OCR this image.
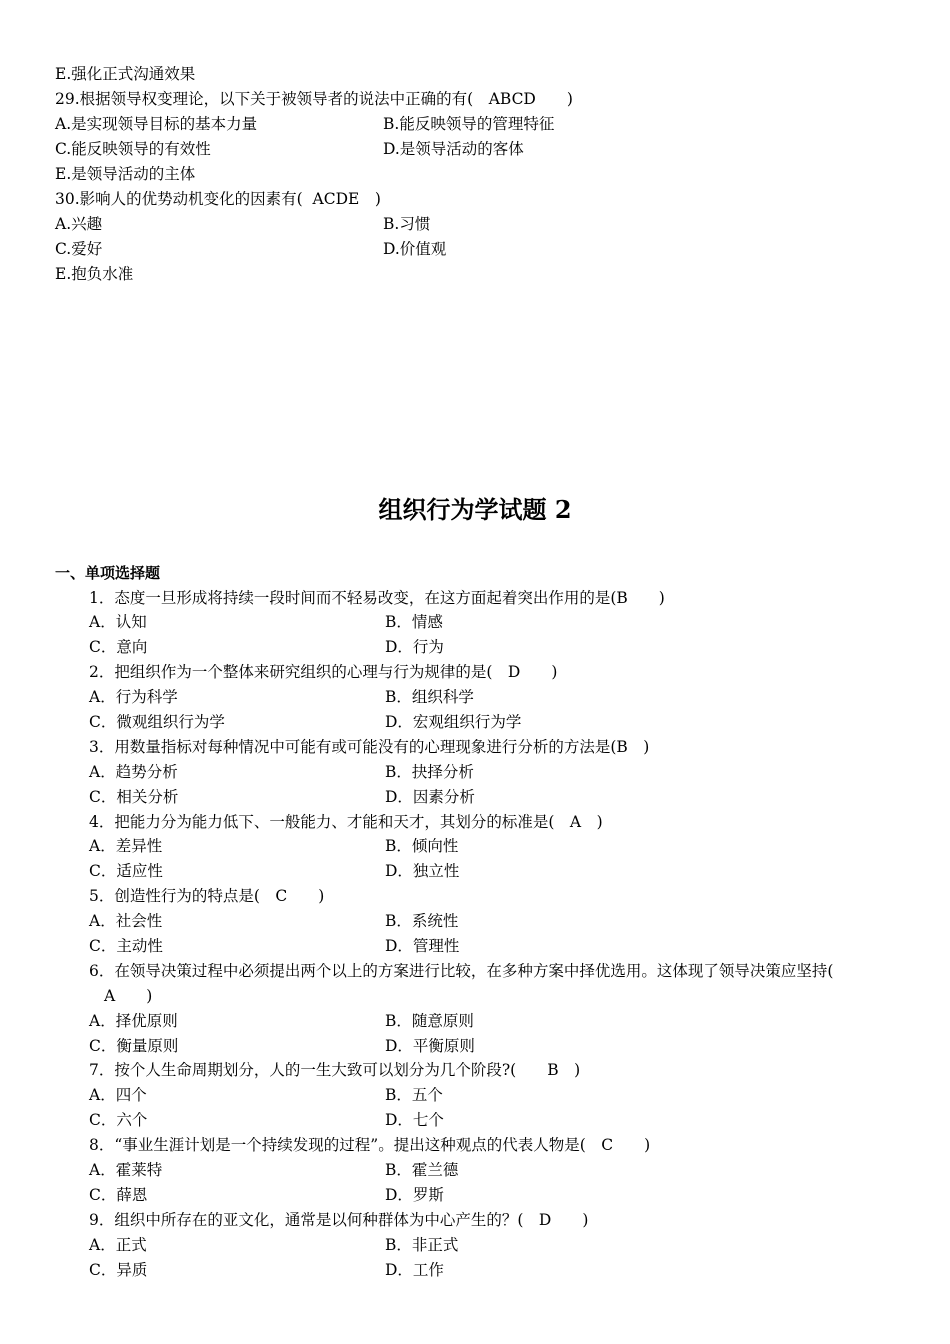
E.强化正式沟通效果
29.根据领导权变理论，以下关于被领导者的说法中正确的有(　ABCD　　)
A.是实现领导目标的基本力量	B.能反映领导的管理特征
C.能反映领导的有效性	D.是领导活动的客体
E.是领导活动的主体
30.影响人的优势动机变化的因素有(  ACDE　)
A.兴趣	B.习惯
C.爱好	D.价值观
E.抱负水准
组织行为学试题 2
一、单项选择题
1．态度一旦形成将持续一段时间而不轻易改变，在这方面起着突出作用的是(B　　)
A．认知	B．情感
C．意向	D．行为
2．把组织作为一个整体来研究组织的心理与行为规律的是(　D　　)
A．行为科学	B．组织科学
C．微观组织行为学	D．宏观组织行为学
3．用数量指标对每种情况中可能有或可能没有的心理现象进行分析的方法是(B　)
A．趋势分析	B．抉择分析
C．相关分析	D．因素分析
4．把能力分为能力低下、一般能力、才能和天才，其划分的标准是(　A　)
A．差异性	B．倾向性
C．适应性	D．独立性
5．创造性行为的特点是(　C　　)
A．社会性	B．系统性
C．主动性	D．管理性
6．在领导决策过程中必须提出两个以上的方案进行比较，在多种方案中择优选用。这体现了领导决策应坚持(
A　　)
A．择优原则	B．随意原则
C．衡量原则	D．平衡原则
7．按个人生命周期划分，人的一生大致可以划分为几个阶段?(　　B　)
A．四个	B．五个
C．六个	D．七个
8．“事业生涯计划是一个持续发现的过程”。提出这种观点的代表人物是(　C　　)
A．霍莱特	B．霍兰德
C．薛恩	D．罗斯
9．组织中所存在的亚文化，通常是以何种群体为中心产生的？(　D　　)
A．正式	B．非正式
C．异质	D．工作
